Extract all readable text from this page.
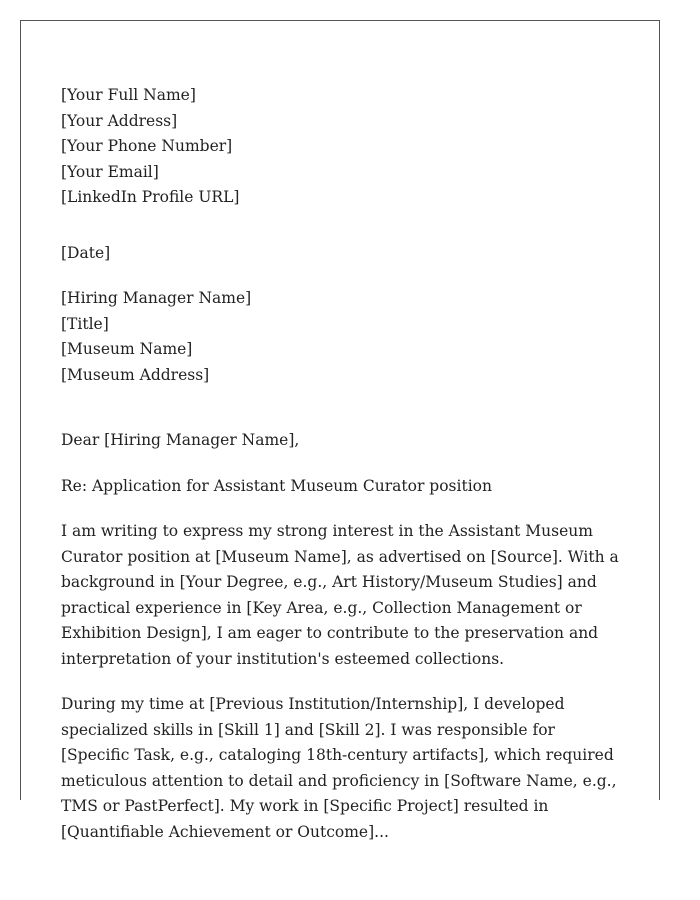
[Your Full Name]
[Your Address]
[Your Phone Number]
[Your Email]
[LinkedIn Profile URL]
[Date]
[Hiring Manager Name]
[Title]
[Museum Name]
[Museum Address]
Dear [Hiring Manager Name],
Re: Application for Assistant Museum Curator position

I am writing to express my strong interest in the Assistant Museum Curator position at [Museum Name], as advertised on [Source]. With a background in [Your Degree, e.g., Art History/Museum Studies] and practical experience in [Key Area, e.g., Collection Management or Exhibition Design], I am eager to contribute to the preservation and interpretation of your institution's esteemed collections.

During my time at [Previous Institution/Internship], I developed specialized skills in [Skill 1] and [Skill 2]. I was responsible for [Specific Task, e.g., cataloging 18th-century artifacts], which required meticulous attention to detail and proficiency in [Software Name, e.g., TMS or PastPerfect]. My work in [Specific Project] resulted in [Quantifiable Achievement or Outcome]...
